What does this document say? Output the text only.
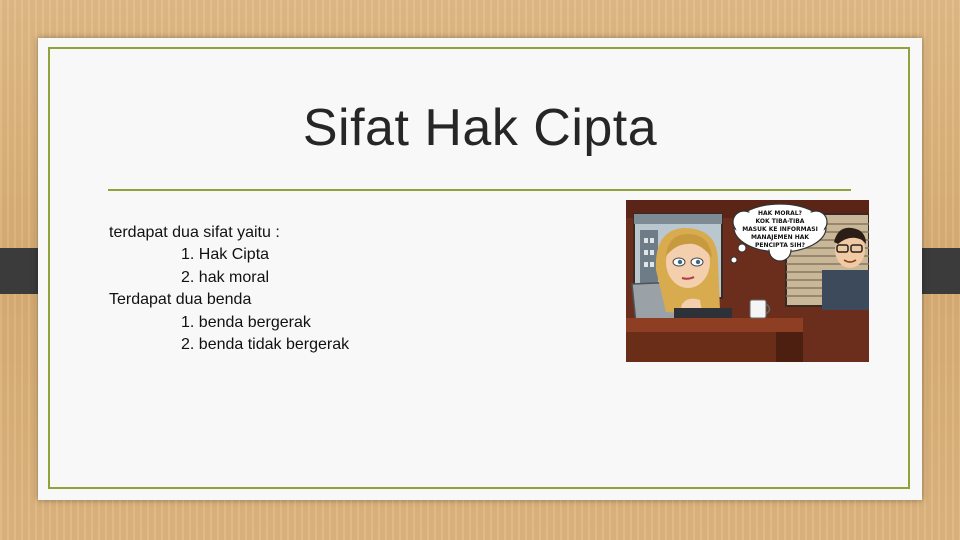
Sifat Hak Cipta
terdapat dua sifat yaitu :
1. Hak Cipta
2. hak moral
Terdapat dua benda
1. benda bergerak
2. benda tidak bergerak
HAK MORAL?
KOK TIBA-TIBA
MASUK KE INFORMASI
MANAJEMEN HAK
PENCIPTA SIH?
